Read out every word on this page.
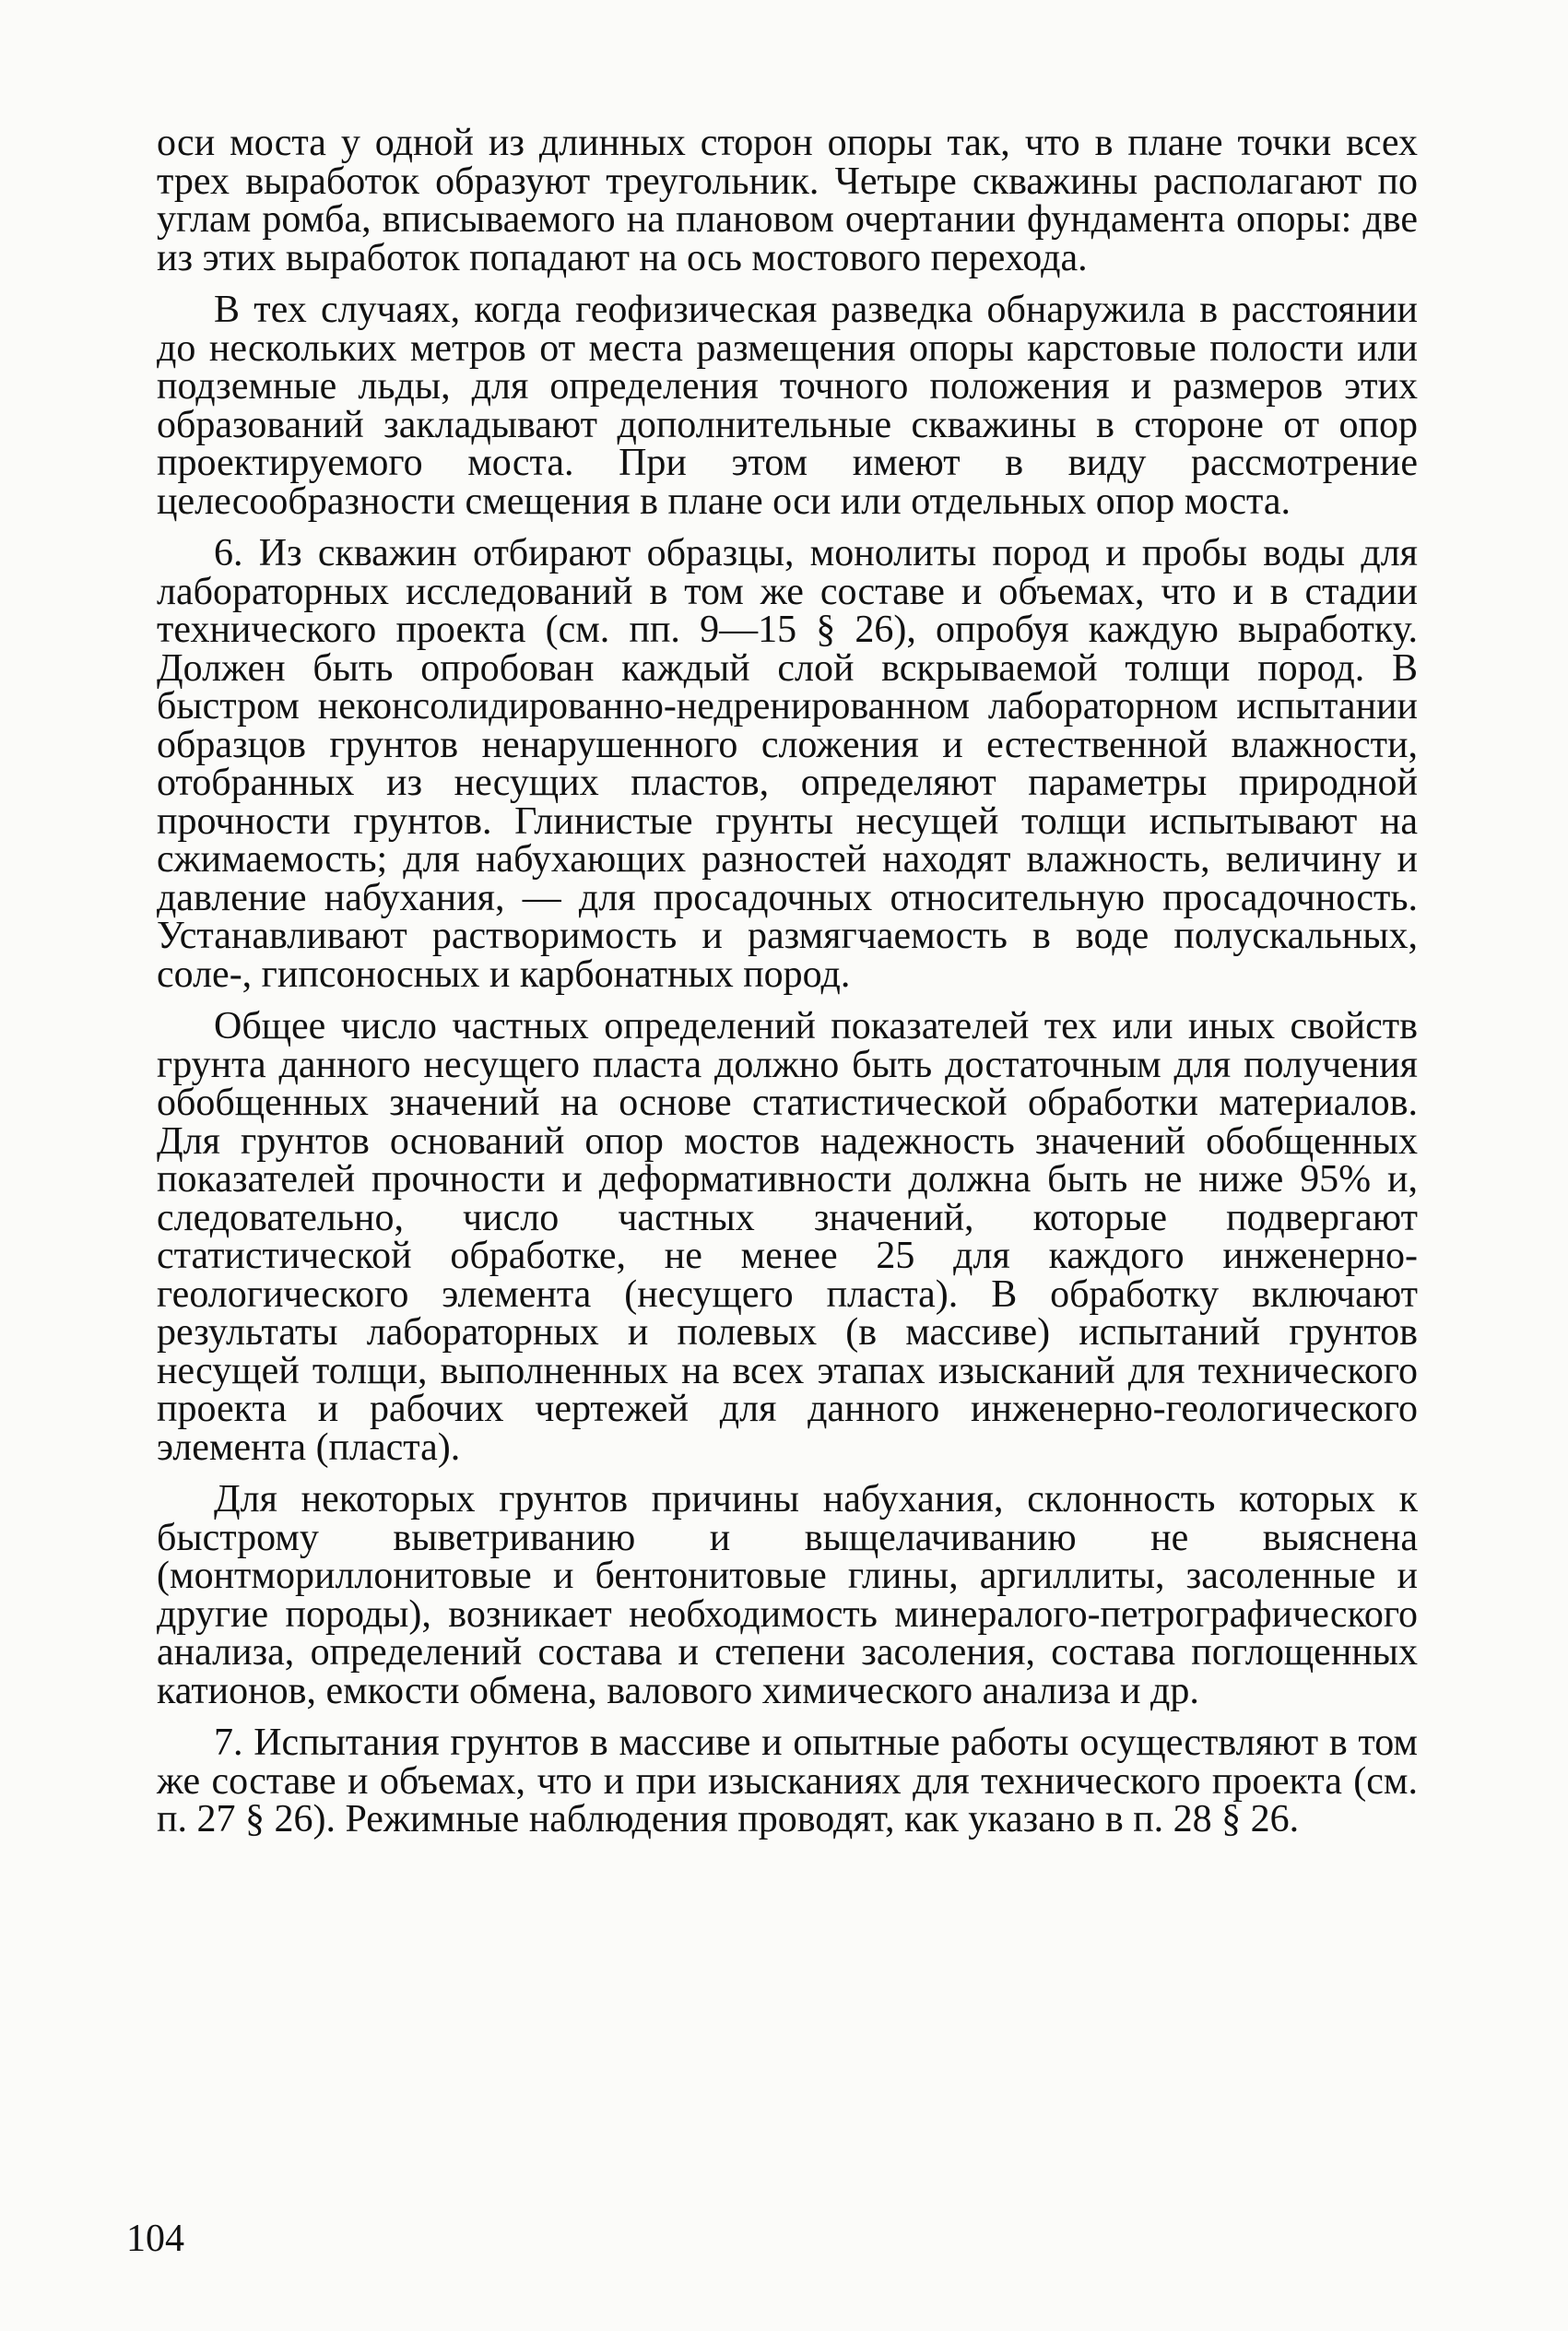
оси моста у одной из длинных сторон опоры так, что в плане точки всех трех выработок образуют треугольник. Четыре скважины располагают по углам ромба, вписываемого на плановом очертании фундамента опоры: две из этих выработок попадают на ось мостового перехода.

В тех случаях, когда геофизическая разведка обнаружила в расстоянии до нескольких метров от места размещения опоры карстовые полости или подземные льды, для определения точного положения и размеров этих образований закладывают дополнительные скважины в стороне от опор проектируемого моста. При этом имеют в виду рассмотрение целесообразности смещения в плане оси или отдельных опор моста.

6. Из скважин отбирают образцы, монолиты пород и пробы воды для лабораторных исследований в том же составе и объемах, что и в стадии технического проекта (см. пп. 9—15 § 26), опробуя каждую выработку. Должен быть опробован каждый слой вскрываемой толщи пород. В быстром неконсолидированно-недренированном лабораторном испытании образцов грунтов ненарушенного сложения и естественной влажности, отобранных из несущих пластов, определяют параметры природной прочности грунтов. Глинистые грунты несущей толщи испытывают на сжимаемость; для набухающих разностей находят влажность, величину и давление набухания, — для просадочных относительную просадочность. Устанавливают растворимость и размягчаемость в воде полускальных, соле-, гипсоносных и карбонатных пород.

Общее число частных определений показателей тех или иных свойств грунта данного несущего пласта должно быть достаточным для получения обобщенных значений на основе статистической обработки материалов. Для грунтов оснований опор мостов надежность значений обобщенных показателей прочности и деформативности должна быть не ниже 95% и, следовательно, число частных значений, которые подвергают статистической обработке, не менее 25 для каждого инженерно-геологического элемента (несущего пласта). В обработку включают результаты лабораторных и полевых (в массиве) испытаний грунтов несущей толщи, выполненных на всех этапах изысканий для технического проекта и рабочих чертежей для данного инженерно-геологического элемента (пласта).

Для некоторых грунтов причины набухания, склонность которых к быстрому выветриванию и выщелачиванию не выяснена (монтмориллонитовые и бентонитовые глины, аргиллиты, засоленные и другие породы), возникает необходимость минералого-петрографического анализа, определений состава и степени засоления, состава поглощенных катионов, емкости обмена, валового химического анализа и др.

7. Испытания грунтов в массиве и опытные работы осуществляют в том же составе и объемах, что и при изысканиях для технического проекта (см. п. 27 § 26). Режимные наблюдения проводят, как указано в п. 28 § 26.

104
